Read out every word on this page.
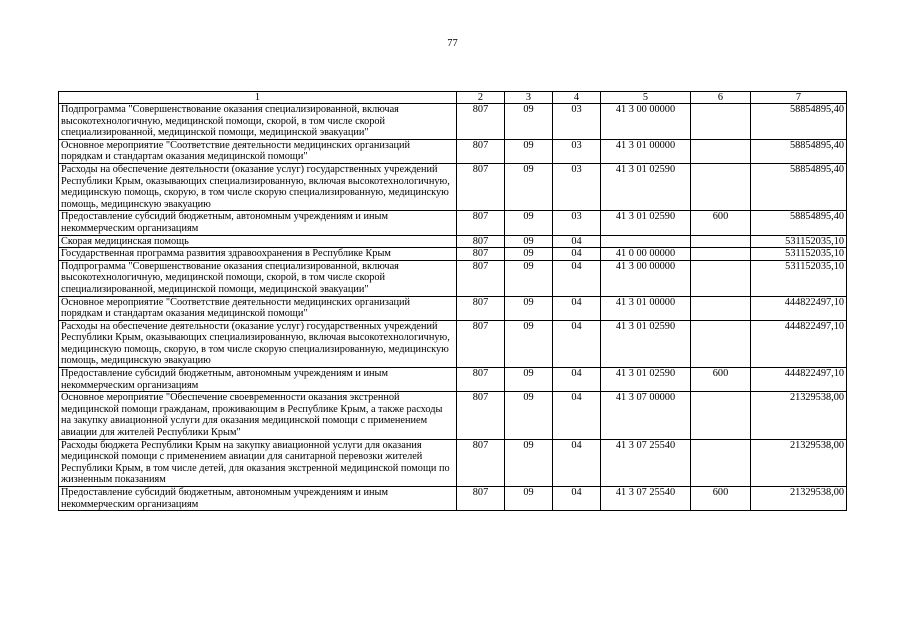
77
1	2	3	4	5	6	7
Подпрограмма "Совершенствование оказания специализированной, включая высокотехнологичную, медицинской помощи, скорой, в том числе скорой специализированной, медицинской помощи, медицинской эвакуации"	807	09	03	41 3 00 00000		58854895,40
Основное мероприятие "Соответствие деятельности медицинских организаций порядкам и стандартам оказания медицинской помощи"	807	09	03	41 3 01 00000		58854895,40
Расходы на обеспечение деятельности (оказание услуг) государственных учреждений Республики Крым, оказывающих специализированную, включая высокотехнологичную, медицинскую помощь, скорую, в том числе скорую специализированную, медицинскую помощь, медицинскую эвакуацию	807	09	03	41 3 01 02590		58854895,40
Предоставление субсидий бюджетным, автономным учреждениям и иным некоммерческим организациям	807	09	03	41 3 01 02590	600	58854895,40
Скорая медицинская помощь	807	09	04			531152035,10
Государственная программа развития здравоохранения в Республике Крым	807	09	04	41 0 00 00000		531152035,10
Подпрограмма "Совершенствование оказания специализированной, включая высокотехнологичную, медицинской помощи, скорой, в том числе скорой специализированной, медицинской помощи, медицинской эвакуации"	807	09	04	41 3 00 00000		531152035,10
Основное мероприятие "Соответствие деятельности медицинских организаций порядкам и стандартам оказания медицинской помощи"	807	09	04	41 3 01 00000		444822497,10
Расходы на обеспечение деятельности (оказание услуг) государственных учреждений Республики Крым, оказывающих специализированную, включая высокотехнологичную, медицинскую помощь, скорую, в том числе скорую специализированную, медицинскую помощь, медицинскую эвакуацию	807	09	04	41 3 01 02590		444822497,10
Предоставление субсидий бюджетным, автономным учреждениям и иным некоммерческим организациям	807	09	04	41 3 01 02590	600	444822497,10
Основное мероприятие "Обеспечение своевременности оказания экстренной медицинской помощи гражданам, проживающим в Республике Крым, а также расходы на закупку авиационной услуги для оказания медицинской помощи с применением авиации для жителей Республики Крым"	807	09	04	41 3 07 00000		21329538,00
Расходы бюджета Республики Крым на закупку авиационной услуги для оказания медицинской помощи с применением авиации для санитарной перевозки жителей Республики Крым, в том числе детей, для оказания экстренной медицинской помощи по жизненным показаниям	807	09	04	41 3 07 25540		21329538,00
Предоставление субсидий бюджетным, автономным учреждениям и иным некоммерческим организациям	807	09	04	41 3 07 25540	600	21329538,00
